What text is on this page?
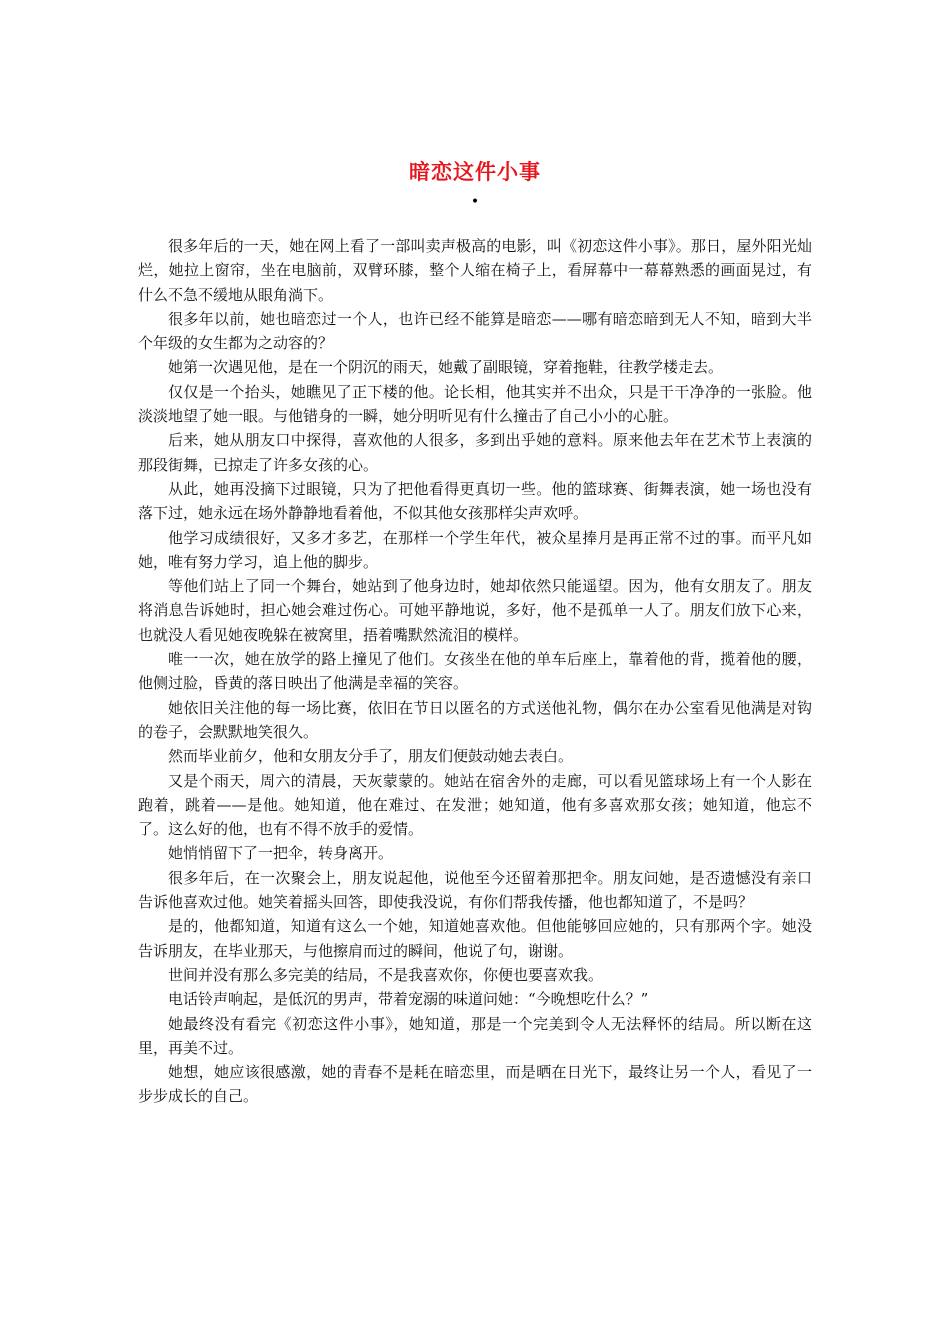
暗恋这件小事
•

很多年后的一天，她在网上看了一部叫卖声极高的电影，叫《初恋这件小事》。那日，屋外阳光灿烂，她拉上窗帘，坐在电脑前，双臂环膝，整个人缩在椅子上，看屏幕中一幕幕熟悉的画面晃过，有什么不急不缓地从眼角淌下。

很多年以前，她也暗恋过一个人，也许已经不能算是暗恋——哪有暗恋暗到无人不知，暗到大半个年级的女生都为之动容的？

她第一次遇见他，是在一个阴沉的雨天，她戴了副眼镜，穿着拖鞋，往教学楼走去。

仅仅是一个抬头，她瞧见了正下楼的他。论长相，他其实并不出众，只是干干净净的一张脸。他淡淡地望了她一眼。与他错身的一瞬，她分明听见有什么撞击了自己小小的心脏。

后来，她从朋友口中探得，喜欢他的人很多，多到出乎她的意料。原来他去年在艺术节上表演的那段街舞，已掠走了许多女孩的心。

从此，她再没摘下过眼镜，只为了把他看得更真切一些。他的篮球赛、街舞表演，她一场也没有落下过，她永远在场外静静地看着他，不似其他女孩那样尖声欢呼。

他学习成绩很好，又多才多艺，在那样一个学生年代，被众星捧月是再正常不过的事。而平凡如她，唯有努力学习，追上他的脚步。

等他们站上了同一个舞台，她站到了他身边时，她却依然只能遥望。因为，他有女朋友了。朋友将消息告诉她时，担心她会难过伤心。可她平静地说，多好，他不是孤单一人了。朋友们放下心来，也就没人看见她夜晚躲在被窝里，捂着嘴默然流泪的模样。

唯一一次，她在放学的路上撞见了他们。女孩坐在他的单车后座上，靠着他的背，揽着他的腰，他侧过脸，昏黄的落日映出了他满是幸福的笑容。

她依旧关注他的每一场比赛，依旧在节日以匿名的方式送他礼物，偶尔在办公室看见他满是对钩的卷子，会默默地笑很久。

然而毕业前夕，他和女朋友分手了，朋友们便鼓动她去表白。

又是个雨天，周六的清晨，天灰蒙蒙的。她站在宿舍外的走廊，可以看见篮球场上有一个人影在跑着，跳着——是他。她知道，他在难过、在发泄；她知道，他有多喜欢那女孩；她知道，他忘不了。这么好的他，也有不得不放手的爱情。

她悄悄留下了一把伞，转身离开。

很多年后，在一次聚会上，朋友说起他，说他至今还留着那把伞。朋友问她，是否遗憾没有亲口告诉他喜欢过他。她笑着摇头回答，即使我没说，有你们帮我传播，他也都知道了，不是吗？

是的，他都知道，知道有这么一个她，知道她喜欢他。但他能够回应她的，只有那两个字。她没告诉朋友，在毕业那天，与他擦肩而过的瞬间，他说了句，谢谢。

世间并没有那么多完美的结局，不是我喜欢你，你便也要喜欢我。

电话铃声响起，是低沉的男声，带着宠溺的味道问她：“今晚想吃什么？”

她最终没有看完《初恋这件小事》，她知道，那是一个完美到令人无法释怀的结局。所以断在这里，再美不过。

她想，她应该很感激，她的青春不是耗在暗恋里，而是晒在日光下，最终让另一个人，看见了一步步成长的自己。
